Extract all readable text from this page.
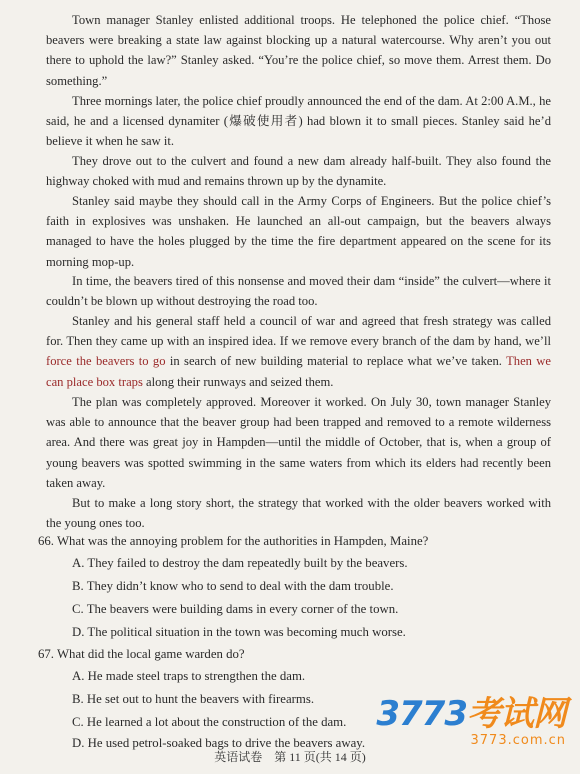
Town manager Stanley enlisted additional troops. He telephoned the police chief. “Those beavers were breaking a state law against blocking up a natural watercourse. Why aren’t you out there to uphold the law?” Stanley asked. “You’re the police chief, so move them. Arrest them. Do something.”

Three mornings later, the police chief proudly announced the end of the dam. At 2:00 A.M., he said, he and a licensed dynamiter (爆破使用者) had blown it to small pieces. Stanley said he’d believe it when he saw it.

They drove out to the culvert and found a new dam already half-built. They also found the highway choked with mud and remains thrown up by the dynamite.

Stanley said maybe they should call in the Army Corps of Engineers. But the police chief’s faith in explosives was unshaken. He launched an all-out campaign, but the beavers always managed to have the holes plugged by the time the fire department appeared on the scene for its morning mop-up.

In time, the beavers tired of this nonsense and moved their dam “inside” the culvert—where it couldn’t be blown up without destroying the road too.

Stanley and his general staff held a council of war and agreed that fresh strategy was called for. Then they came up with an inspired idea. If we remove every branch of the dam by hand, we’ll force the beavers to go in search of new building material to replace what we’ve taken. Then we can place box traps along their runways and seized them.

The plan was completely approved. Moreover it worked. On July 30, town manager Stanley was able to announce that the beaver group had been trapped and removed to a remote wilderness area. And there was great joy in Hampden—until the middle of October, that is, when a group of young beavers was spotted swimming in the same waters from which its elders had recently been taken away.

But to make a long story short, the strategy that worked with the older beavers worked with the young ones too.

66. What was the annoying problem for the authorities in Hampden, Maine?

A. They failed to destroy the dam repeatedly built by the beavers.

B. They didn’t know who to send to deal with the dam trouble.

C. The beavers were building dams in every corner of the town.

D. The political situation in the town was becoming much worse.

67. What did the local game warden do?

A. He made steel traps to strengthen the dam.

B. He set out to hunt the beavers with firearms.

C. He learned a lot about the construction of the dam.

D. He used petrol-soaked bags to drive the beavers away.

英语试卷　第 11 页(共 14 页)
3773考试网
3773.com.cn
